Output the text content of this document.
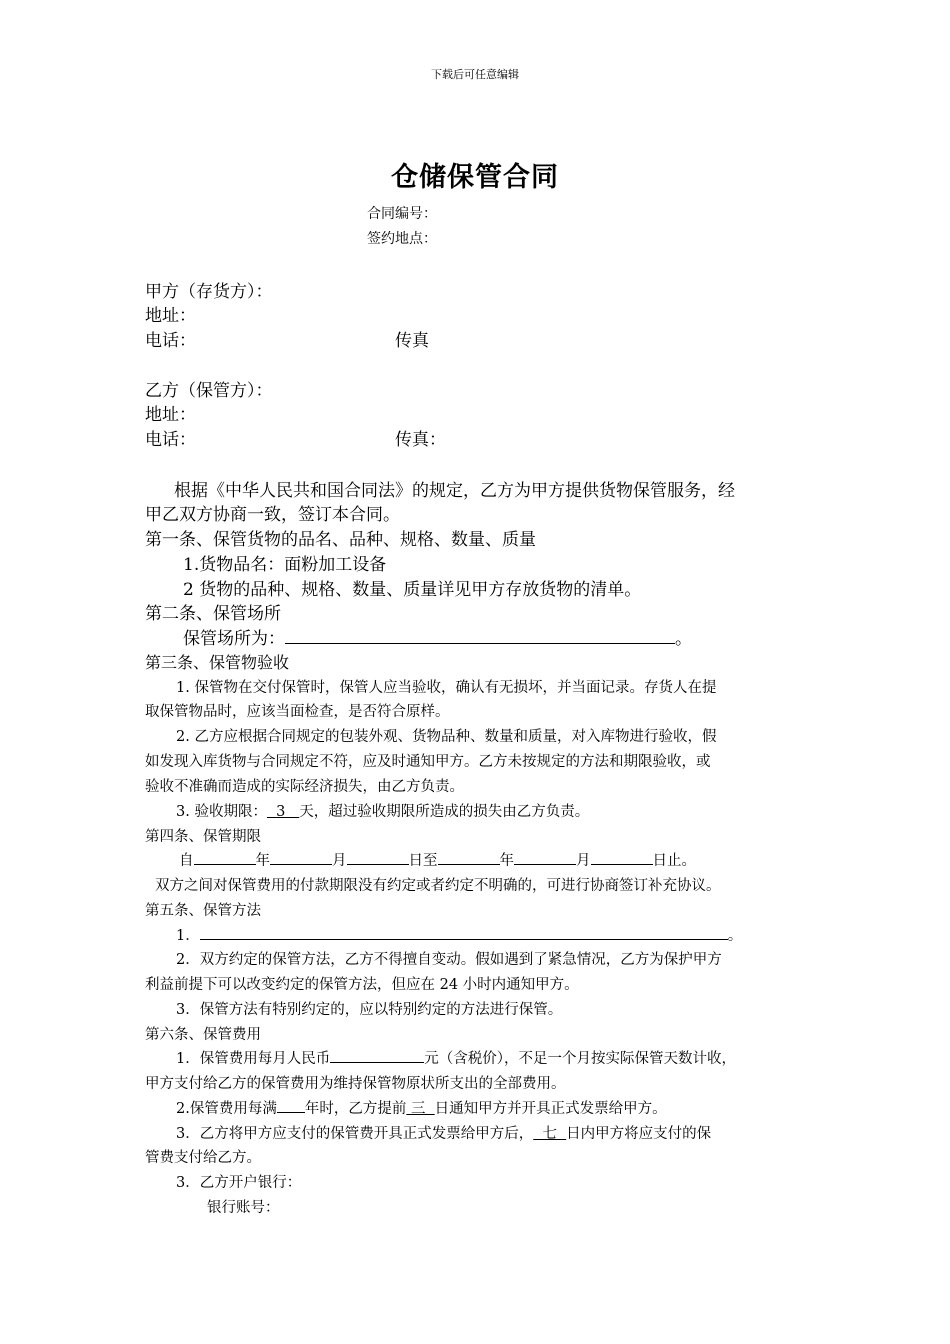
下载后可任意编辑
仓储保管合同
合同编号：
签约地点：
甲方（存货方）：
地址：
电话：	传真
乙方（保管方）：
地址：
电话：	传真：
根据《中华人民共和国合同法》的规定，乙方为甲方提供货物保管服务，经
甲乙双方协商一致，签订本合同。
第一条、保管货物的品名、品种、规格、数量、质量
1.货物品名：面粉加工设备
2 货物的品种、规格、数量、质量详见甲方存放货物的清单。
第二条、保管场所
保管场所为：	。
第三条、保管物验收
1. 保管物在交付保管时，保管人应当验收，确认有无损坏，并当面记录。存货人在提
取保管物品时，应该当面检查，是否符合原样。
2. 乙方应根据合同规定的包装外观、货物品种、数量和质量，对入库物进行验收，假
如发现入库货物与合同规定不符，应及时通知甲方。乙方未按规定的方法和期限验收，或
验收不准确而造成的实际经济损失，由乙方负责。
3. 验收期限： 3 天，超过验收期限所造成的损失由乙方负责。
第四条、保管期限
自	年	月	日至	年	月	日止。
双方之间对保管费用的付款期限没有约定或者约定不明确的，可进行协商签订补充协议。
第五条、保管方法
1．	。
2．双方约定的保管方法，乙方不得擅自变动。假如遇到了紧急情况，乙方为保护甲方
利益前提下可以改变约定的保管方法，但应在 24 小时内通知甲方。
3．保管方法有特别约定的，应以特别约定的方法进行保管。
第六条、保管费用
1．保管费用每月人民币	元（含税价），不足一个月按实际保管天数计收，
甲方支付给乙方的保管费用为维持保管物原状所支出的全部费用。
2.保管费用每满 年时，乙方提前 三 日通知甲方并开具正式发票给甲方。
3．乙方将甲方应支付的保管费开具正式发票给甲方后， 七 日内甲方将应支付的保
管费支付给乙方。
3．乙方开户银行：
银行账号：
